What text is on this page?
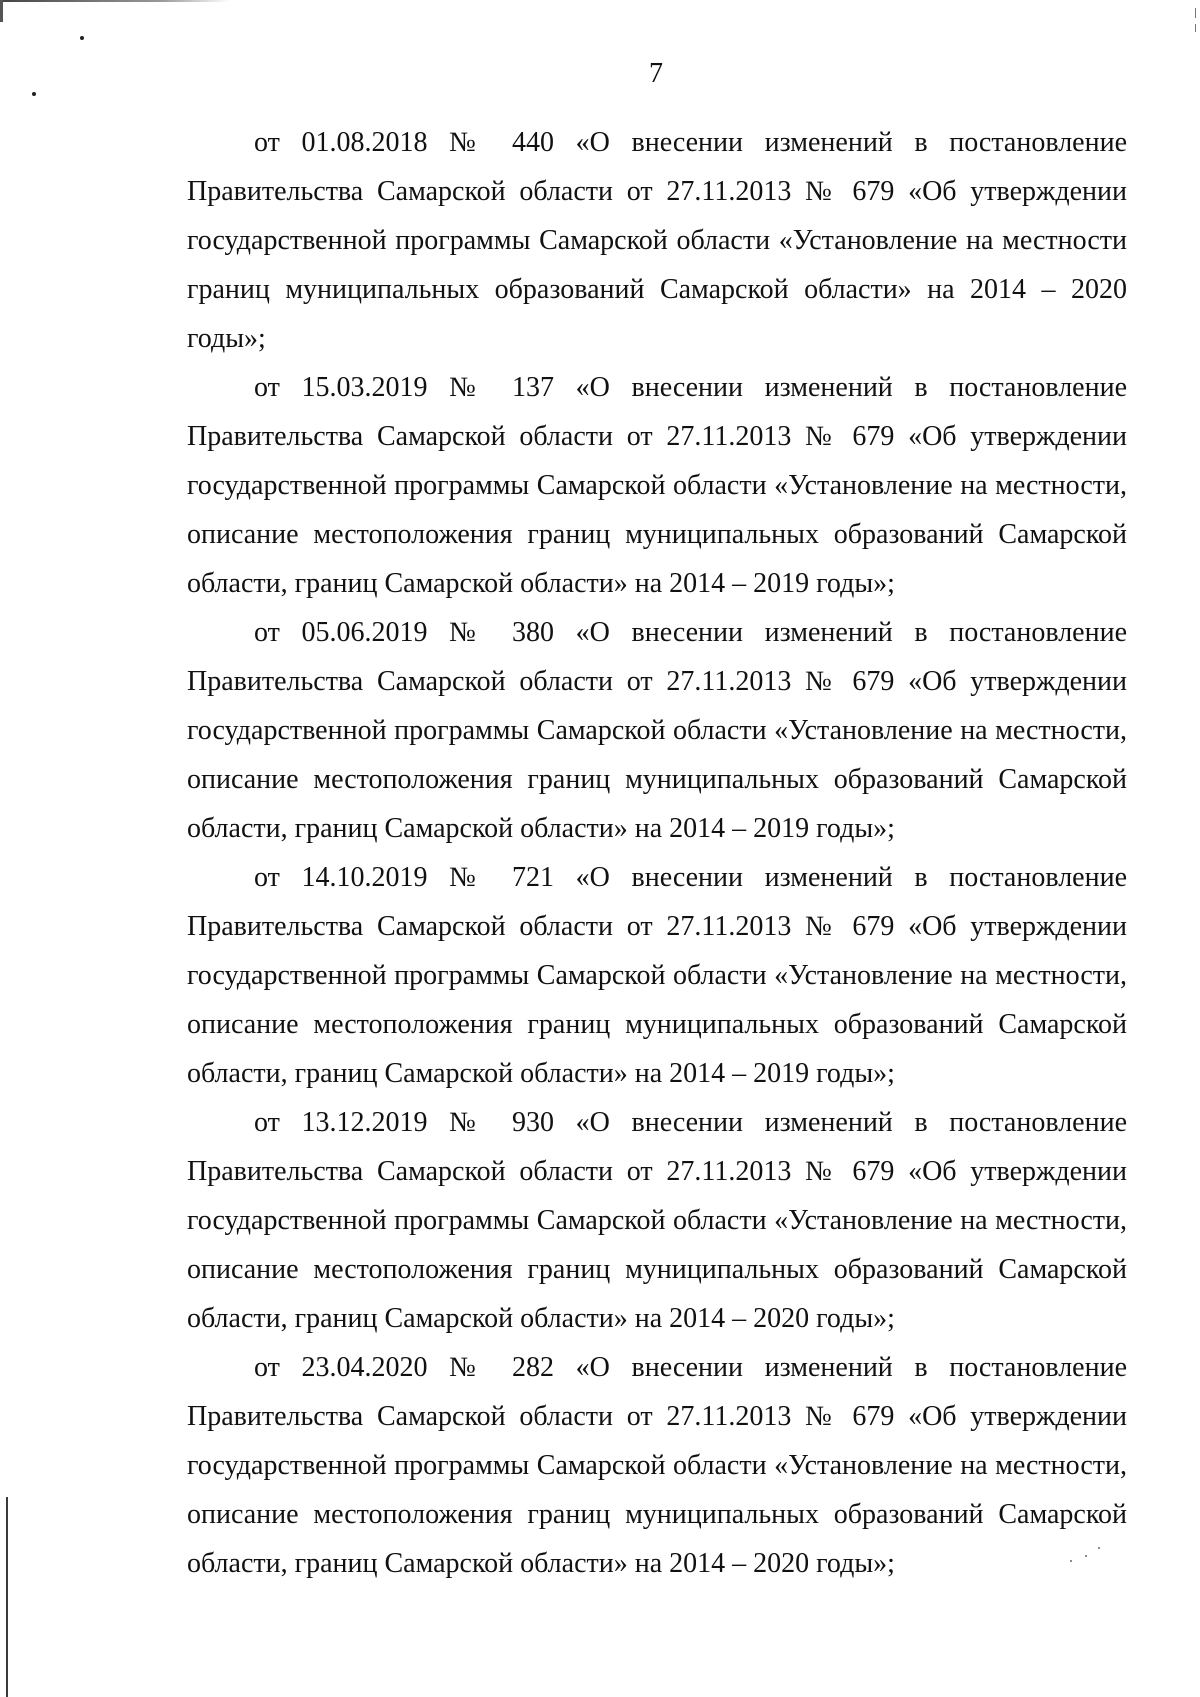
7

от 01.08.2018 № 440 «О внесении изменений в постановление Правительства Самарской области от 27.11.2013 № 679 «Об утверждении государственной программы Самарской области «Установление на местности границ муниципальных образований Самарской области» на 2014 – 2020 годы»;

от 15.03.2019 № 137 «О внесении изменений в постановление Правительства Самарской области от 27.11.2013 № 679 «Об утверждении государственной программы Самарской области «Установление на местности, описание местоположения границ муниципальных образований Самарской области, границ Самарской области» на 2014 – 2019 годы»;

от 05.06.2019 № 380 «О внесении изменений в постановление Правительства Самарской области от 27.11.2013 № 679 «Об утверждении государственной программы Самарской области «Установление на местности, описание местоположения границ муниципальных образований Самарской области, границ Самарской области» на 2014 – 2019 годы»;

от 14.10.2019 № 721 «О внесении изменений в постановление Правительства Самарской области от 27.11.2013 № 679 «Об утверждении государственной программы Самарской области «Установление на местности, описание местоположения границ муниципальных образований Самарской области, границ Самарской области» на 2014 – 2019 годы»;

от 13.12.2019 № 930 «О внесении изменений в постановление Правительства Самарской области от 27.11.2013 № 679 «Об утверждении государственной программы Самарской области «Установление на местности, описание местоположения границ муниципальных образований Самарской области, границ Самарской области» на 2014 – 2020 годы»;

от 23.04.2020 № 282 «О внесении изменений в постановление Правительства Самарской области от 27.11.2013 № 679 «Об утверждении государственной программы Самарской области «Установление на местности, описание местоположения границ муниципальных образований Самарской области, границ Самарской области» на 2014 – 2020 годы»;
